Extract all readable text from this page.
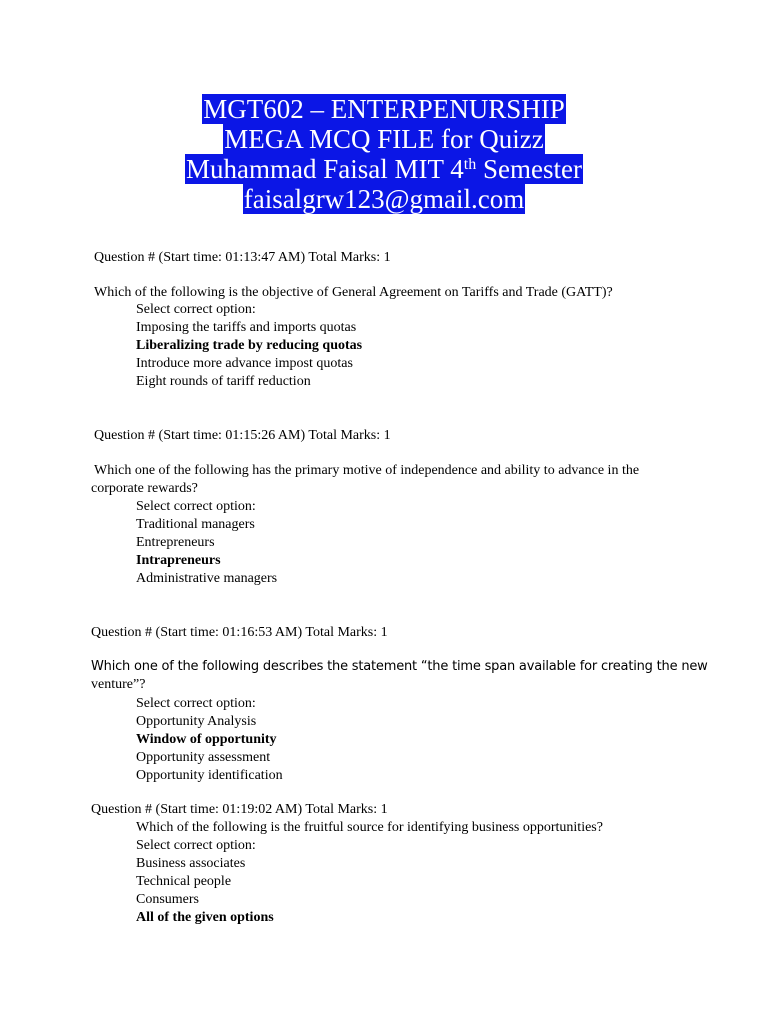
MGT602 – ENTERPENURSHIP
MEGA MCQ FILE for Quizz
Muhammad Faisal MIT 4th Semester
faisalgrw123@gmail.com
Question # (Start time: 01:13:47 AM) Total Marks: 1
Which of the following is the objective of General Agreement on Tariffs and Trade (GATT)?
Select correct option:
Imposing the tariffs and imports quotas
Liberalizing trade by reducing quotas
Introduce more advance impost quotas
Eight rounds of tariff reduction
Question # (Start time: 01:15:26 AM) Total Marks: 1
Which one of the following has the primary motive of independence and ability to advance in the
corporate rewards?
Select correct option:
Traditional managers
Entrepreneurs
Intrapreneurs
Administrative managers
Question # (Start time: 01:16:53 AM) Total Marks: 1
Which one of the following describes the statement “the time span available for creating the new
venture”?
Select correct option:
Opportunity Analysis
Window of opportunity
Opportunity assessment
Opportunity identification
Question # (Start time: 01:19:02 AM) Total Marks: 1
Which of the following is the fruitful source for identifying business opportunities?
Select correct option:
Business associates
Technical people
Consumers
All of the given options
